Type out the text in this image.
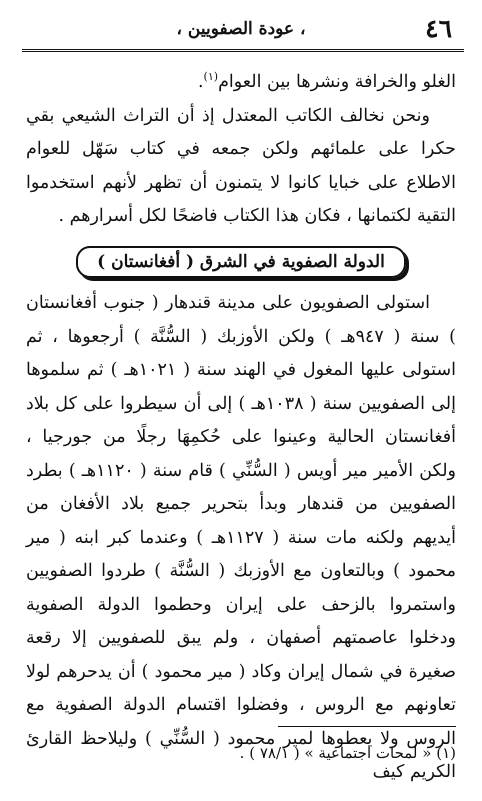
٤٦
، عودة الصفويين ،

الغلو والخرافة ونشرها بين العوام$^{(١)}$.

ونحن نخالف الكاتب المعتدل إذ أن التراث الشيعي بقي حكرا على علمائهم ولكن جمعه في كتاب سَهّل للعوام الاطلاع على خبايا كانوا لا يتمنون أن تظهر لأنهم استخدموا التقية لكتمانها ، فكان هذا الكتاب فاضحًا لكل أسرارهم .

الدولة الصفوية في الشرق ( أفغانستان )

استولى الصفويون على مدينة قندهار ( جنوب أفغانستان ) سنة ( ٩٤٧هـ ) ولكن الأوزبك ( السُّنَّة ) أرجعوها ، ثم استولى عليها المغول في الهند سنة ( ١٠٢١هـ ) ثم سلموها إلى الصفويين سنة ( ١٠٣٨هـ ) إلى أن سيطروا على كل بلاد أفغانستان الحالية وعينوا على حُكمِهَا رجلًا من جورجيا ، ولكن الأمير مير أويس ( السُّنِّي ) قام سنة ( ١١٢٠هـ ) بطرد الصفويين من قندهار وبدأ بتحرير جميع بلاد الأفغان من أيديهم ولكنه مات سنة ( ١١٢٧هـ ) وعندما كبر ابنه ( مير محمود ) وبالتعاون مع الأوزبك ( السُّنَّة ) طردوا الصفويين واستمروا بالزحف على إيران وحطموا الدولة الصفوية ودخلوا عاصمتهم أصفهان ، ولم يبق للصفويين إلا رقعة صغيرة في شمال إيران وكاد ( مير محمود ) أن يدحرهم لولا تعاونهم مع الروس ، وفضلوا اقتسام الدولة الصفوية مع الروس ولا يعطوها لمير محمود ( السُّنِّي ) وليلاحظ القارئ الكريم كيف

(١) « لمحات اجتماعية » ( ٧٨/١ ) .
